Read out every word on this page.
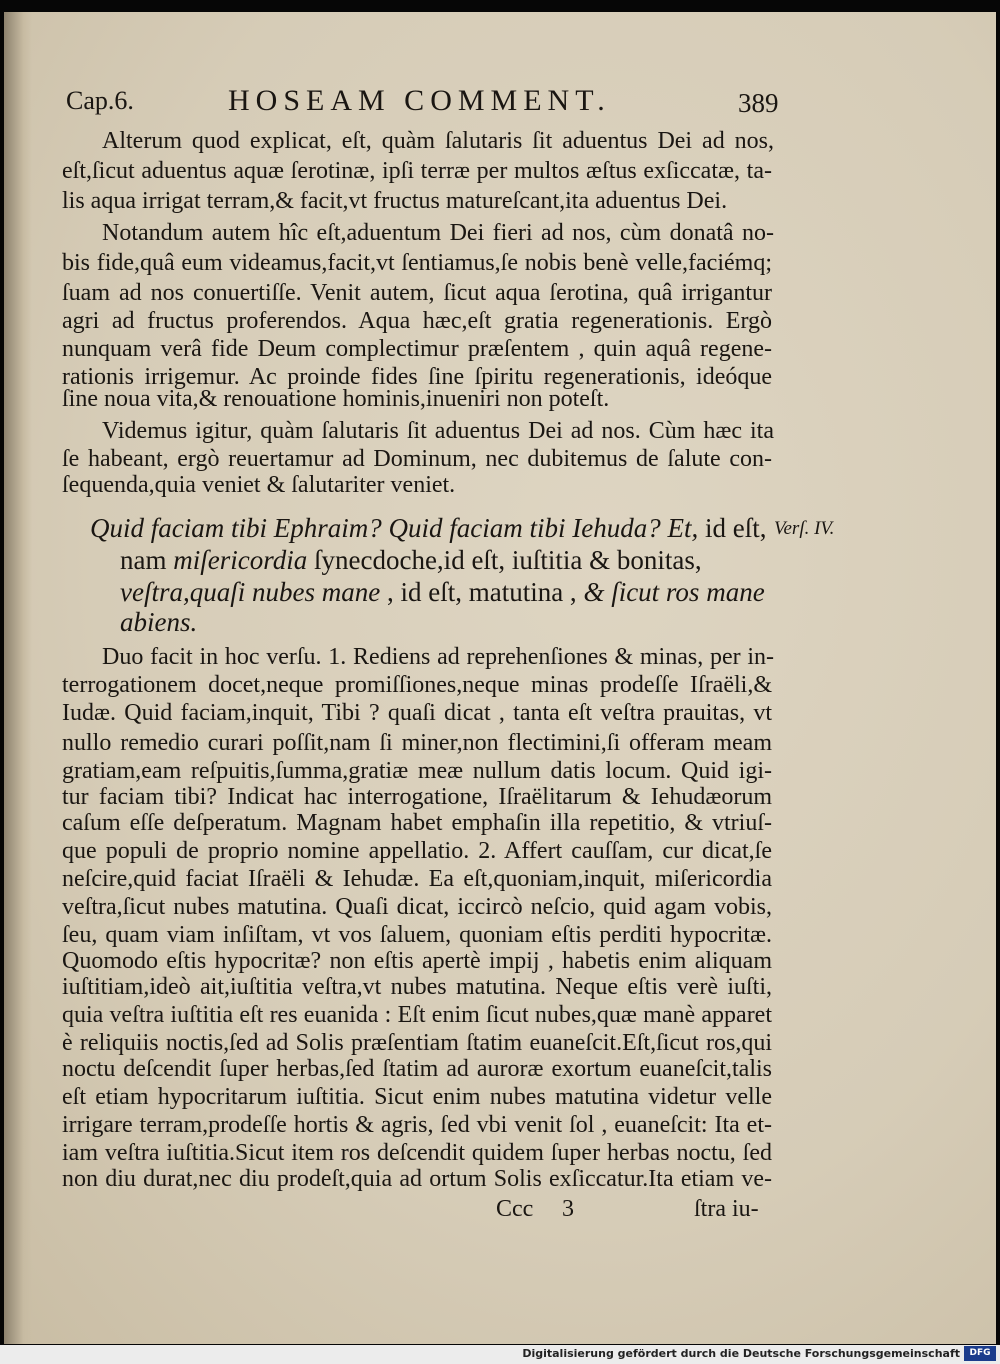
Cap.6.	HOSEAM COMMENT.	389
Alterum quod explicat, eſt, quàm ſalutaris ſit aduentus Dei ad nos,
eſt,ſicut aduentus aquæ ſerotinæ, ipſi terræ per multos æſtus exſiccatæ, ta-
lis aqua irrigat terram,& facit,vt fructus matureſcant,ita aduentus Dei.
Notandum autem hîc eſt,aduentum Dei fieri ad nos, cùm donatâ no-
bis fide,quâ eum videamus,facit,vt ſentiamus,ſe nobis benè velle,faciémq;
ſuam ad nos conuertiſſe. Venit autem, ſicut aqua ſerotina, quâ irrigantur
agri ad fructus proferendos. Aqua hæc,eſt gratia regenerationis. Ergò
nunquam verâ fide Deum complectimur præſentem , quin aquâ regene-
rationis irrigemur. Ac proinde fides ſine ſpiritu regenerationis, ideóque
ſine noua vita,& renouatione hominis,inueniri non poteſt.
Videmus igitur, quàm ſalutaris ſit aduentus Dei ad nos. Cùm hæc ita
ſe habeant, ergò reuertamur ad Dominum, nec dubitemus de ſalute con-
ſequenda,quia veniet & ſalutariter veniet.
Quid faciam tibi Ephraim? Quid faciam tibi Iehuda? Et, id eſt,
nam miſericordia ſynecdoche,id eſt, iuſtitia & bonitas,
veſtra,quaſi nubes mane , id eſt, matutina , & ſicut ros mane
abiens.
Verſ. IV.
Duo facit in hoc verſu. 1. Rediens ad reprehenſiones & minas, per in-
terrogationem docet,neque promiſſiones,neque minas prodeſſe Iſraëli,&
Iudæ. Quid faciam,inquit, Tibi ? quaſi dicat , tanta eſt veſtra prauitas, vt
nullo remedio curari poſſit,nam ſi miner,non flectimini,ſi offeram meam
gratiam,eam reſpuitis,ſumma,gratiæ meæ nullum datis locum. Quid igi-
tur faciam tibi? Indicat hac interrogatione, Iſraëlitarum & Iehudæorum
caſum eſſe deſperatum. Magnam habet emphaſin illa repetitio, & vtriuſ-
que populi de proprio nomine appellatio. 2. Affert cauſſam, cur dicat,ſe
neſcire,quid faciat Iſraëli & Iehudæ. Ea eſt,quoniam,inquit, miſericordia
veſtra,ſicut nubes matutina. Quaſi dicat, iccircò neſcio, quid agam vobis,
ſeu, quam viam inſiſtam, vt vos ſaluem, quoniam eſtis perditi hypocritæ.
Quomodo eſtis hypocritæ? non eſtis apertè impij , habetis enim aliquam
iuſtitiam,ideò ait,iuſtitia veſtra,vt nubes matutina. Neque eſtis verè iuſti,
quia veſtra iuſtitia eſt res euanida : Eſt enim ſicut nubes,quæ manè apparet
è reliquiis noctis,ſed ad Solis præſentiam ſtatim euaneſcit.Eſt,ſicut ros,qui
noctu deſcendit ſuper herbas,ſed ſtatim ad auroræ exortum euaneſcit,talis
eſt etiam hypocritarum iuſtitia. Sicut enim nubes matutina videtur velle
irrigare terram,prodeſſe hortis & agris, ſed vbi venit ſol , euaneſcit: Ita et-
iam veſtra iuſtitia.Sicut item ros deſcendit quidem ſuper herbas noctu, ſed
non diu durat,nec diu prodeſt,quia ad ortum Solis exſiccatur.Ita etiam ve-
Ccc 3	ſtra iu-
Digitalisierung gefördert durch die Deutsche Forschungsgemeinschaft	DFG
